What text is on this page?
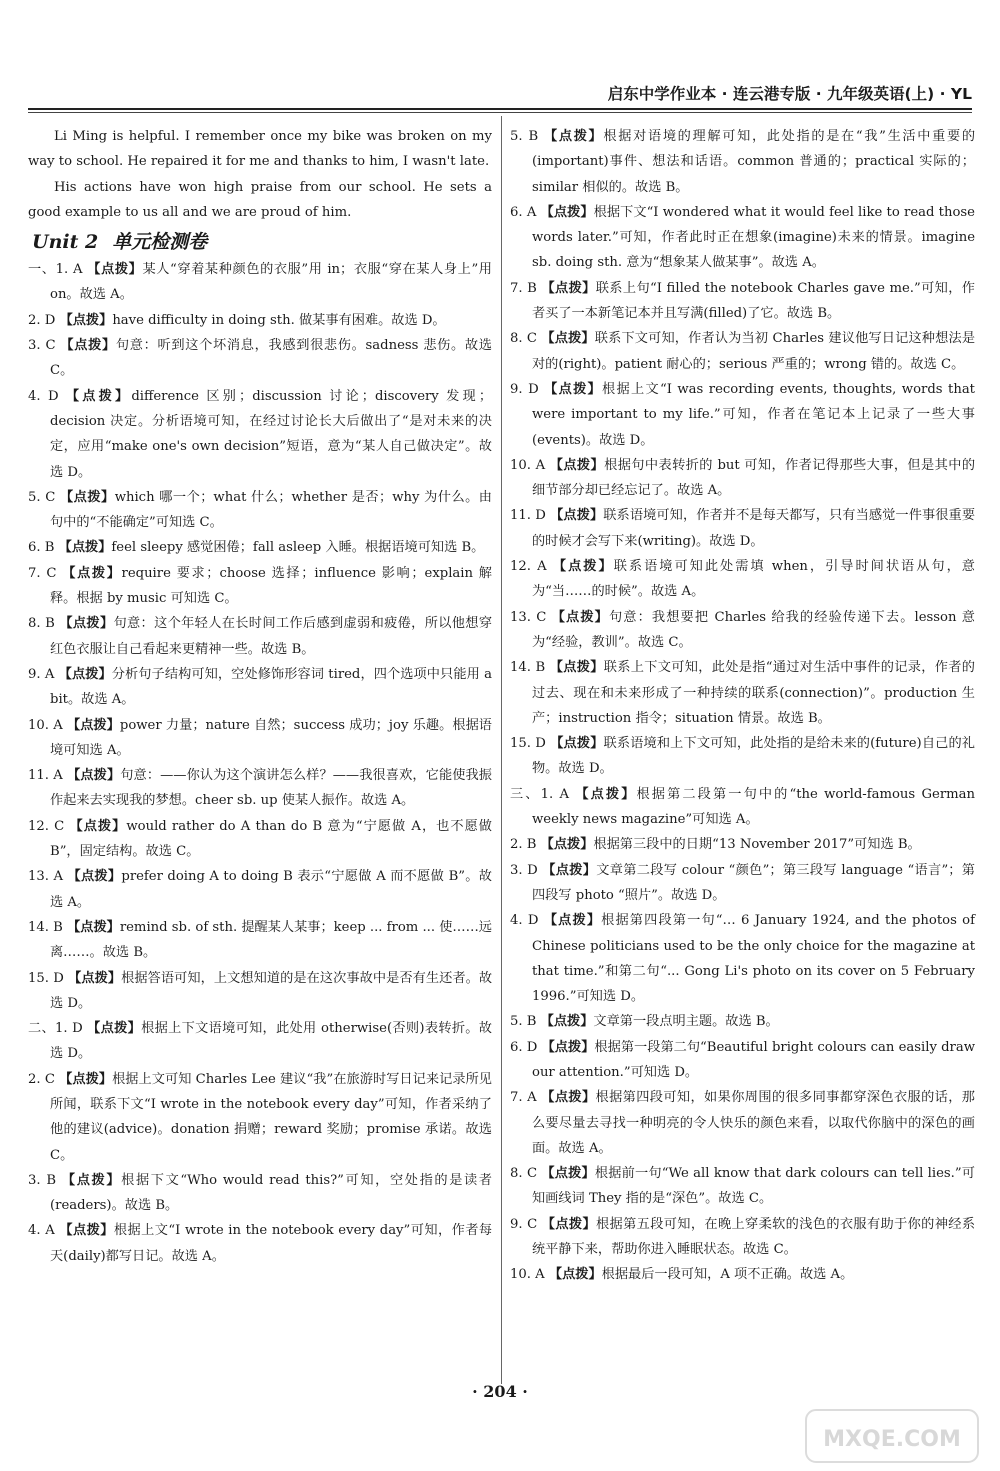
启东中学作业本 · 连云港专版 · 九年级英语(上) · YL

Li Ming is helpful. I remember once my bike was broken on my way to school. He repaired it for me and thanks to him, I wasn't late.

His actions have won high praise from our school. He sets a good example to us all and we are proud of him.

Unit 2 单元检测卷

一、1. A 【点拨】某人“穿着某种颜色的衣服”用 in；衣服“穿在某人身上”用 on。故选 A。

2. D 【点拨】have difficulty in doing sth. 做某事有困难。故选 D。

3. C 【点拨】句意：听到这个坏消息，我感到很悲伤。sadness 悲伤。故选 C。

4. D 【点拨】difference 区别；discussion 讨论；discovery 发现；decision 决定。分析语境可知，在经过讨论长大后做出了“是对未来的决定，应用“make one's own decision”短语，意为“某人自己做决定”。故选 D。

5. C 【点拨】which 哪一个；what 什么；whether 是否；why 为什么。由句中的“不能确定”可知选 C。

6. B 【点拨】feel sleepy 感觉困倦；fall asleep 入睡。根据语境可知选 B。

7. C 【点拨】require 要求；choose 选择；influence 影响；explain 解释。根据 by music 可知选 C。

8. B 【点拨】句意：这个年轻人在长时间工作后感到虚弱和疲倦，所以他想穿红色衣服让自己看起来更精神一些。故选 B。

9. A 【点拨】分析句子结构可知，空处修饰形容词 tired，四个选项中只能用 a bit。故选 A。

10. A 【点拨】power 力量；nature 自然；success 成功；joy 乐趣。根据语境可知选 A。

11. A 【点拨】句意：——你认为这个演讲怎么样？——我很喜欢，它能使我振作起来去实现我的梦想。cheer sb. up 使某人振作。故选 A。

12. C 【点拨】would rather do A than do B 意为“宁愿做 A，也不愿做 B”，固定结构。故选 C。

13. A 【点拨】prefer doing A to doing B 表示“宁愿做 A 而不愿做 B”。故选 A。

14. B 【点拨】remind sb. of sth. 提醒某人某事；keep ... from ... 使……远离……。故选 B。

15. D 【点拨】根据答语可知，上文想知道的是在这次事故中是否有生还者。故选 D。

二、1. D 【点拨】根据上下文语境可知，此处用 otherwise(否则)表转折。故选 D。

2. C 【点拨】根据上文可知 Charles Lee 建议“我”在旅游时写日记来记录所见所闻，联系下文“I wrote in the notebook every day”可知，作者采纳了他的建议(advice)。donation 捐赠；reward 奖励；promise 承诺。故选 C。

3. B 【点拨】根据下文“Who would read this?”可知，空处指的是读者(readers)。故选 B。

4. A 【点拨】根据上文“I wrote in the notebook every day”可知，作者每天(daily)都写日记。故选 A。

5. B 【点拨】根据对语境的理解可知，此处指的是在“我”生活中重要的(important)事件、想法和话语。common 普通的；practical 实际的；similar 相似的。故选 B。

6. A 【点拨】根据下文“I wondered what it would feel like to read those words later.”可知，作者此时正在想象(imagine)未来的情景。imagine sb. doing sth. 意为“想象某人做某事”。故选 A。

7. B 【点拨】联系上句“I filled the notebook Charles gave me.”可知，作者买了一本新笔记本并且写满(filled)了它。故选 B。

8. C 【点拨】联系下文可知，作者认为当初 Charles 建议他写日记这种想法是对的(right)。patient 耐心的；serious 严重的；wrong 错的。故选 C。

9. D 【点拨】根据上文“I was recording events, thoughts, words that were important to my life.”可知，作者在笔记本上记录了一些大事(events)。故选 D。

10. A 【点拨】根据句中表转折的 but 可知，作者记得那些大事，但是其中的细节部分却已经忘记了。故选 A。

11. D 【点拨】联系语境可知，作者并不是每天都写，只有当感觉一件事很重要的时候才会写下来(writing)。故选 D。

12. A 【点拨】联系语境可知此处需填 when，引导时间状语从句，意为“当……的时候”。故选 A。

13. C 【点拨】句意：我想要把 Charles 给我的经验传递下去。lesson 意为“经验，教训”。故选 C。

14. B 【点拨】联系上下文可知，此处是指“通过对生活中事件的记录，作者的过去、现在和未来形成了一种持续的联系(connection)”。production 生产；instruction 指令；situation 情景。故选 B。

15. D 【点拨】联系语境和上下文可知，此处指的是给未来的(future)自己的礼物。故选 D。

三、1. A 【点拨】根据第二段第一句中的“the world-famous German weekly news magazine”可知选 A。

2. B 【点拨】根据第三段中的日期“13 November 2017”可知选 B。

3. D 【点拨】文章第二段写 colour “颜色”；第三段写 language “语言”；第四段写 photo “照片”。故选 D。

4. D 【点拨】根据第四段第一句“… 6 January 1924, and the photos of Chinese politicians used to be the only choice for the magazine at that time.”和第二句“... Gong Li's photo on its cover on 5 February 1996.”可知选 D。

5. B 【点拨】文章第一段点明主题。故选 B。

6. D 【点拨】根据第一段第二句“Beautiful bright colours can easily draw our attention.”可知选 D。

7. A 【点拨】根据第四段可知，如果你周围的很多同事都穿深色衣服的话，那么要尽量去寻找一种明亮的令人快乐的颜色来看，以取代你脑中的深色的画面。故选 A。

8. C 【点拨】根据前一句“We all know that dark colours can tell lies.”可知画线词 They 指的是“深色”。故选 C。

9. C 【点拨】根据第五段可知，在晚上穿柔软的浅色的衣服有助于你的神经系统平静下来，帮助你进入睡眠状态。故选 C。

10. A 【点拨】根据最后一段可知，A 项不正确。故选 A。

· 204 ·
MXQE.COM
